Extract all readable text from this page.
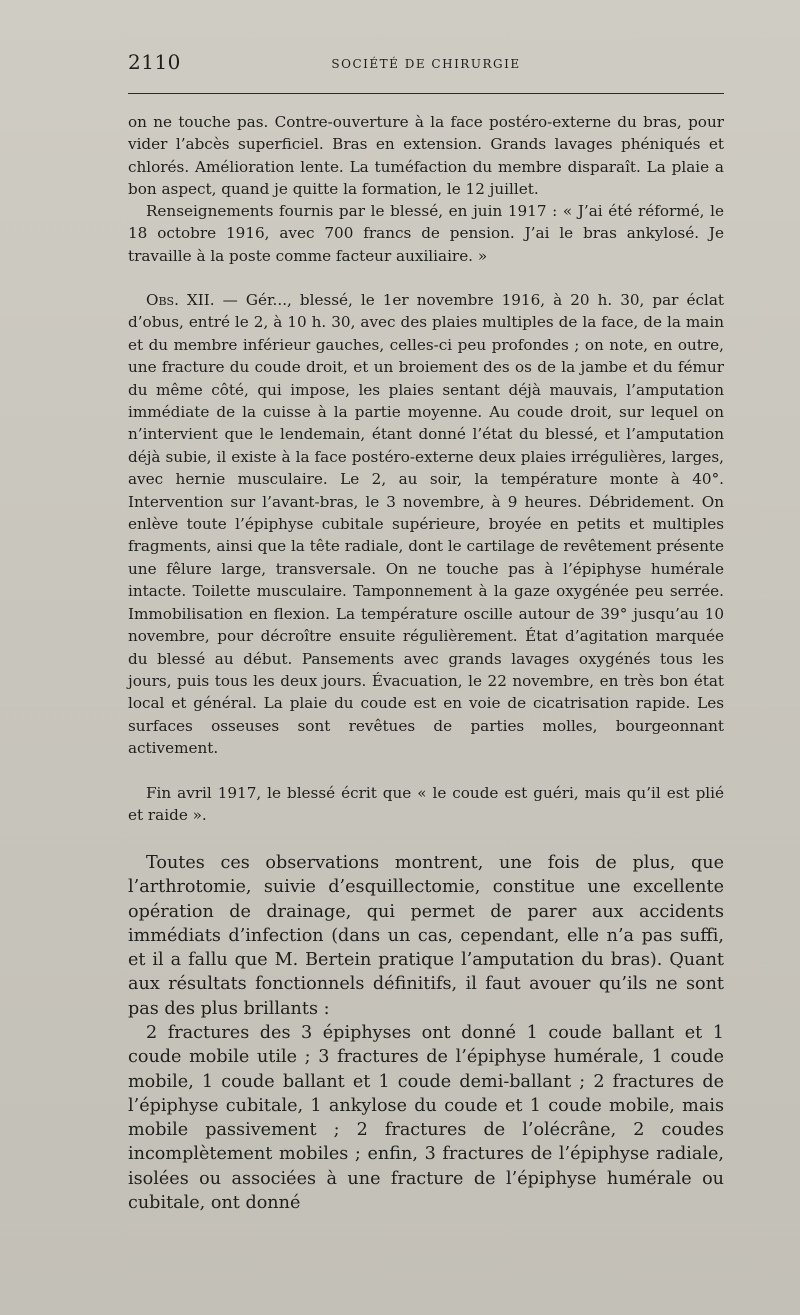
2110	SOCIÉTÉ DE CHIRURGIE

on ne touche pas. Contre-ouverture à la face postéro-externe du bras, pour vider l’abcès superficiel. Bras en extension. Grands lavages phéniqués et chlorés. Amélioration lente. La tuméfaction du membre disparaît. La plaie a bon aspect, quand je quitte la formation, le 12 juillet.

Renseignements fournis par le blessé, en juin 1917 : « J’ai été réformé, le 18 octobre 1916, avec 700 francs de pension. J’ai le bras ankylosé. Je travaille à la poste comme facteur auxiliaire. »

Obs. XII. — Gér..., blessé, le 1er novembre 1916, à 20 h. 30, par éclat d’obus, entré le 2, à 10 h. 30, avec des plaies multiples de la face, de la main et du membre inférieur gauches, celles-ci peu profondes ; on note, en outre, une fracture du coude droit, et un broiement des os de la jambe et du fémur du même côté, qui impose, les plaies sentant déjà mauvais, l’amputation immédiate de la cuisse à la partie moyenne. Au coude droit, sur lequel on n’intervient que le lendemain, étant donné l’état du blessé, et l’amputation déjà subie, il existe à la face postéro-externe deux plaies irrégulières, larges, avec hernie musculaire. Le 2, au soir, la température monte à 40°. Intervention sur l’avant-bras, le 3 novembre, à 9 heures. Débridement. On enlève toute l’épiphyse cubitale supérieure, broyée en petits et multiples fragments, ainsi que la tête radiale, dont le cartilage de revêtement présente une fêlure large, transversale. On ne touche pas à l’épiphyse humérale intacte. Toilette musculaire. Tamponnement à la gaze oxygénée peu serrée. Immobilisation en flexion. La température oscille autour de 39° jusqu’au 10 novembre, pour décroître ensuite régulièrement. État d’agitation marquée du blessé au début. Pansements avec grands lavages oxygénés tous les jours, puis tous les deux jours. Évacuation, le 22 novembre, en très bon état local et général. La plaie du coude est en voie de cicatrisation rapide. Les surfaces osseuses sont revêtues de parties molles, bourgeonnant activement.

Fin avril 1917, le blessé écrit que « le coude est guéri, mais qu’il est plié et raide ».

Toutes ces observations montrent, une fois de plus, que l’arthrotomie, suivie d’esquillectomie, constitue une excellente opération de drainage, qui permet de parer aux accidents immédiats d’infection (dans un cas, cependant, elle n’a pas suffi, et il a fallu que M. Bertein pratique l’amputation du bras). Quant aux résultats fonctionnels définitifs, il faut avouer qu’ils ne sont pas des plus brillants :

2 fractures des 3 épiphyses ont donné 1 coude ballant et 1 coude mobile utile ; 3 fractures de l’épiphyse humérale, 1 coude mobile, 1 coude ballant et 1 coude demi-ballant ; 2 fractures de l’épiphyse cubitale, 1 ankylose du coude et 1 coude mobile, mais mobile passivement ; 2 fractures de l’olécrâne, 2 coudes incomplètement mobiles ; enfin, 3 fractures de l’épiphyse radiale, isolées ou associées à une fracture de l’épiphyse humérale ou cubitale, ont donné
